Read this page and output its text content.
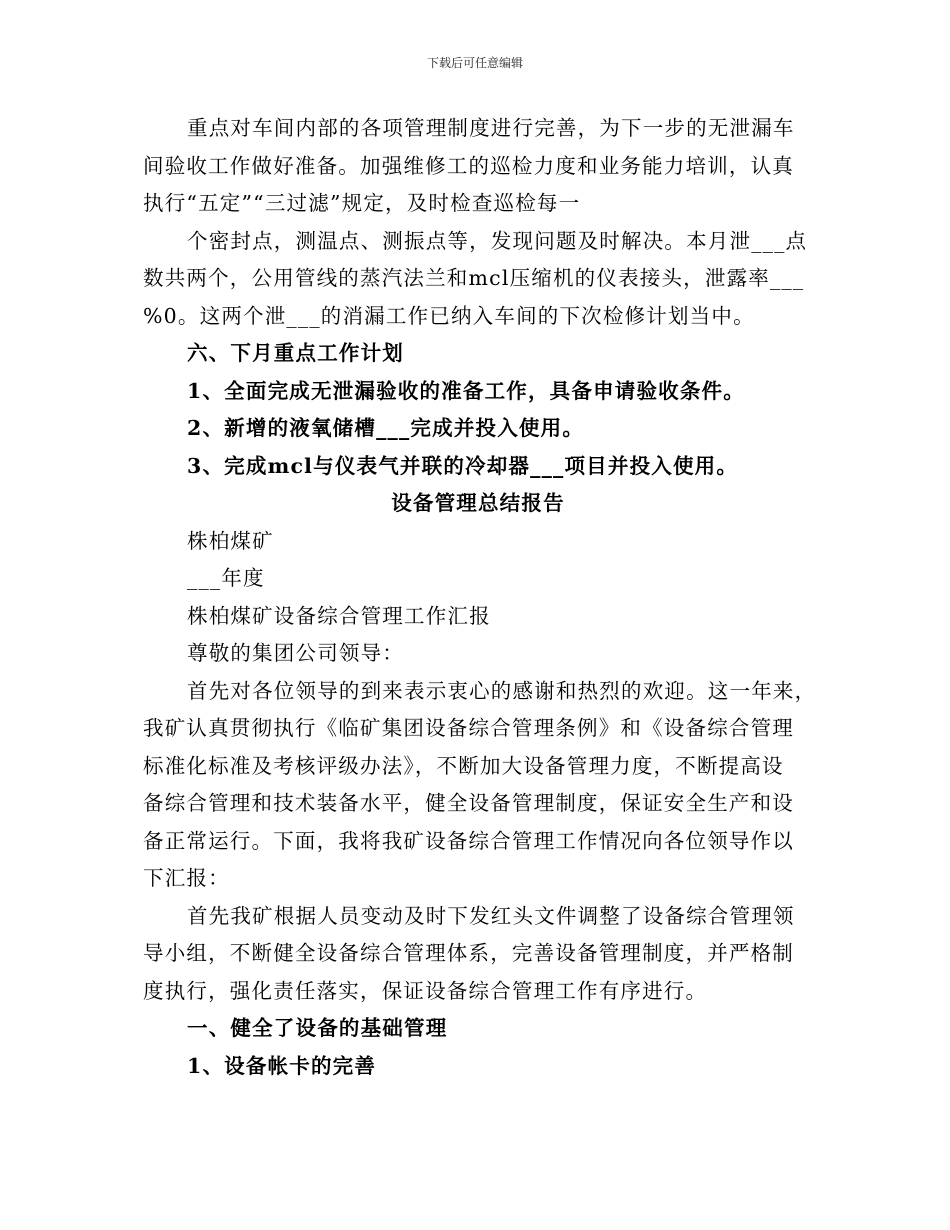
下载后可任意编辑
重点对车间内部的各项管理制度进行完善，为下一步的无泄漏车
间验收工作做好准备。加强维修工的巡检力度和业务能力培训，认真
执行“五定”“三过滤”规定，及时检查巡检每一
个密封点，测温点、测振点等，发现问题及时解决。本月泄___点
数共两个，公用管线的蒸汽法兰和mcl压缩机的仪表接头，泄露率___
%0。这两个泄___的消漏工作已纳入车间的下次检修计划当中。
六、下月重点工作计划
1、全面完成无泄漏验收的准备工作，具备申请验收条件。
2、新增的液氧储槽___完成并投入使用。
3、完成mcl与仪表气并联的冷却器___项目并投入使用。
设备管理总结报告
株柏煤矿
___年度
株柏煤矿设备综合管理工作汇报
尊敬的集团公司领导：
首先对各位领导的到来表示衷心的感谢和热烈的欢迎。这一年来，
我矿认真贯彻执行《临矿集团设备综合管理条例》和《设备综合管理
标准化标准及考核评级办法》，不断加大设备管理力度，不断提高设
备综合管理和技术装备水平，健全设备管理制度，保证安全生产和设
备正常运行。下面，我将我矿设备综合管理工作情况向各位领导作以
下汇报：
首先我矿根据人员变动及时下发红头文件调整了设备综合管理领
导小组，不断健全设备综合管理体系，完善设备管理制度，并严格制
度执行，强化责任落实，保证设备综合管理工作有序进行。
一、健全了设备的基础管理
1、设备帐卡的完善
